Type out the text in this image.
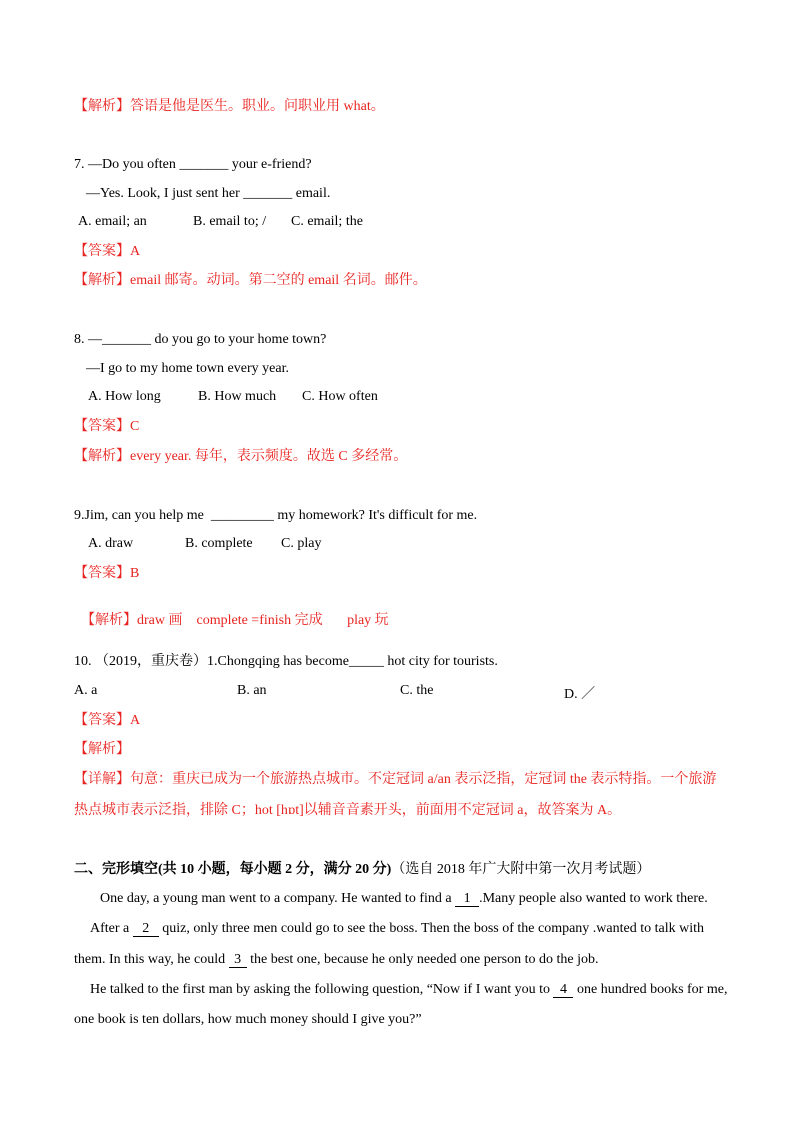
【解析】答语是他是医生。职业。问职业用 what。
7. —Do you often _______ your e-friend?
—Yes. Look, I just sent her _______ email.
A. email; an	B. email to; / C. email; the
【答案】A
【解析】email 邮寄。动词。第二空的 email 名词。邮件。
8. —_______ do you go to your home town?
—I go to my home town every year.
A. How long	B. How much C. How often
【答案】C
【解析】every year. 每年，表示频度。故选 C 多经常。
9.Jim, can you help me  _________ my homework? It's difficult for me.
A. draw	B. complete C. play
【答案】B

【解析】draw 画    complete =finish 完成       play 玩

10. （2019，重庆卷）1.Chongqing has become_____ hot city for tourists.
A. a	B. an	C. the	D. ／
【答案】A
【解析】
【详解】句意：重庆已成为一个旅游热点城市。不定冠词 a/an 表示泛指，定冠词 the 表示特指。一个旅游
热点城市表示泛指，排除 C；hot [hɒt]以辅音音素开头，前面用不定冠词 a，故答案为 A。
二、完形填空(共 10 小题，每小题 2 分，满分 20 分)（选自 2018 年广大附中第一次月考试题）
One day, a young man went to a company. He wanted to find a 1 .Many people also wanted to work there.
After a 2 quiz, only three men could go to see the boss. Then the boss of the company .wanted to talk with
them. In this way, he could 3 the best one, because he only needed one person to do the job.
He talked to the first man by asking the following question, “Now if I want you to 4 one hundred books for me,
one book is ten dollars, how much money should I give you?”
